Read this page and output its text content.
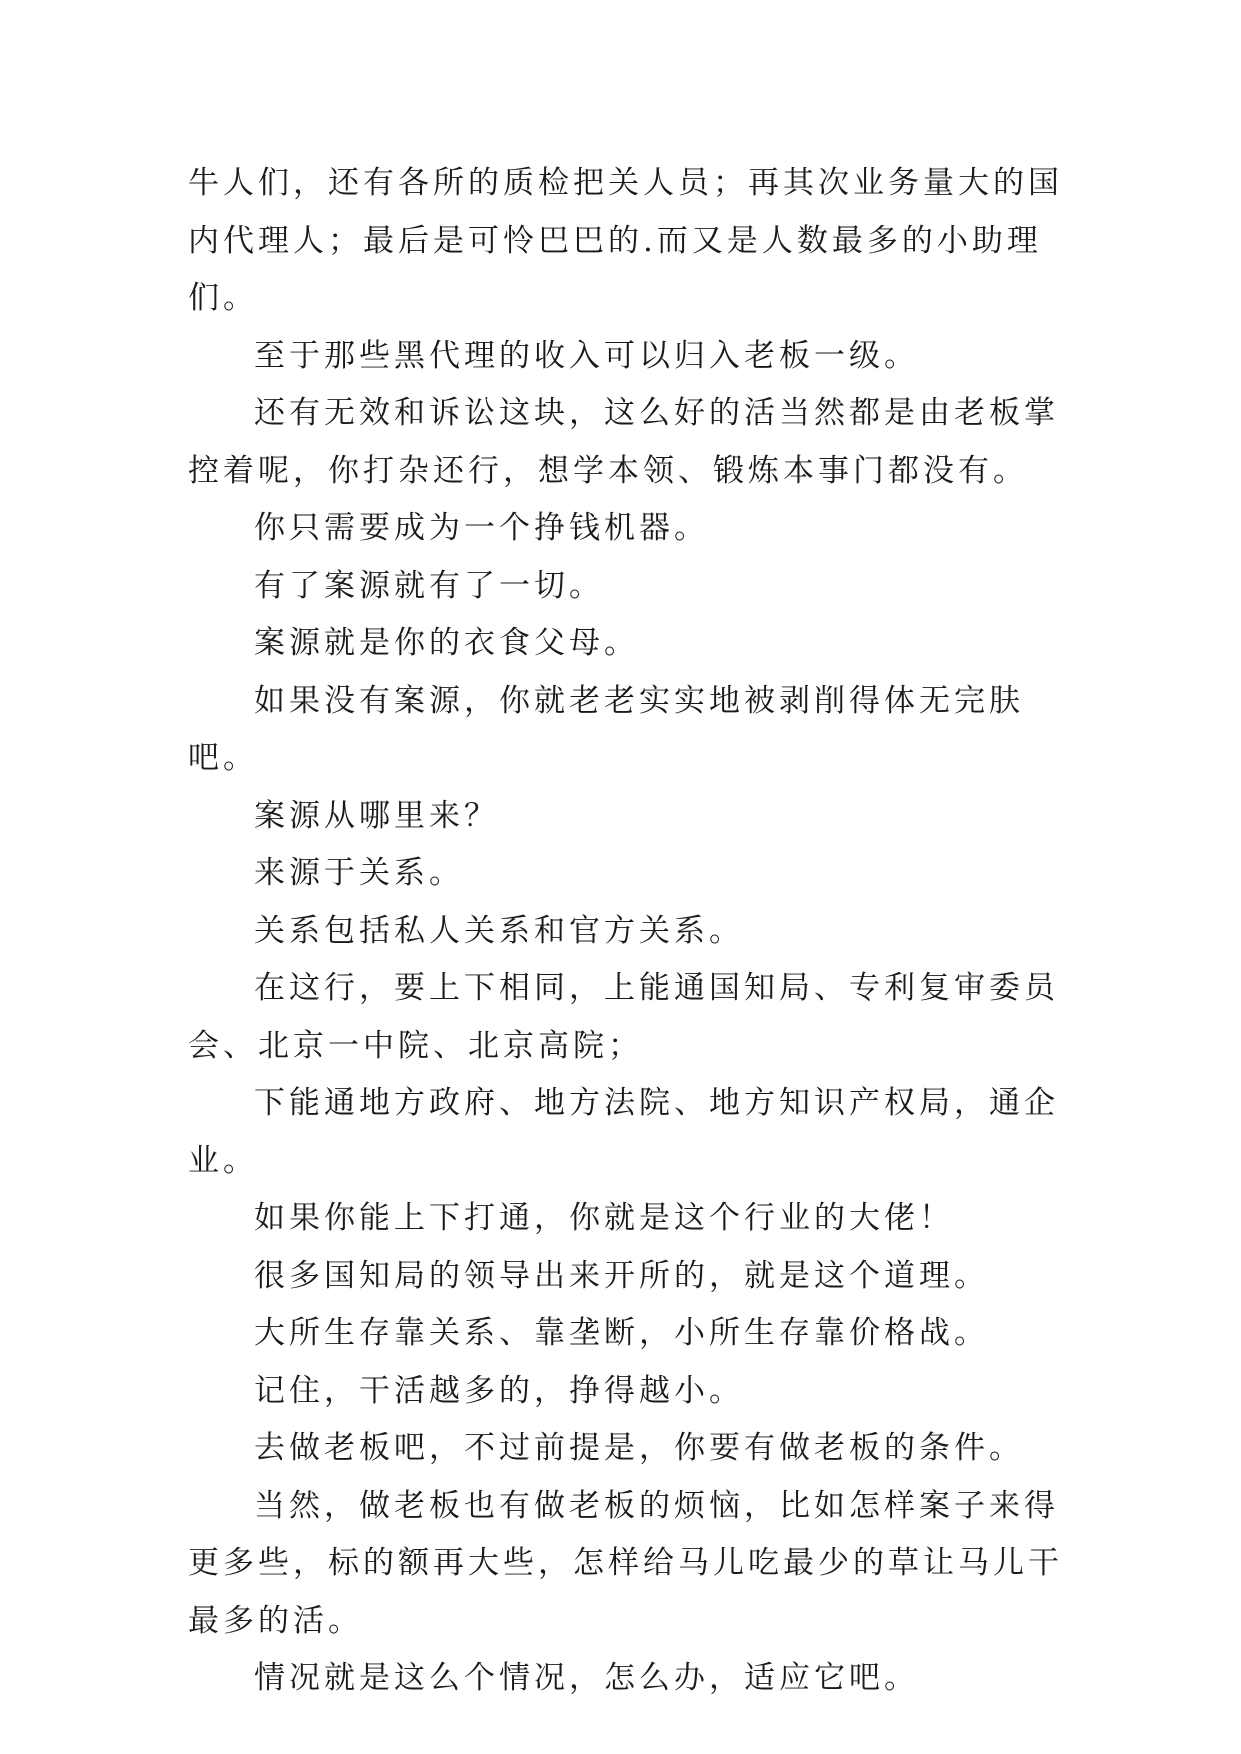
牛人们，还有各所的质检把关人员；再其次业务量大的国内代理人；最后是可怜巴巴的.而又是人数最多的小助理们。

至于那些黑代理的收入可以归入老板一级。

还有无效和诉讼这块，这么好的活当然都是由老板掌控着呢，你打杂还行，想学本领、锻炼本事门都没有。

你只需要成为一个挣钱机器。

有了案源就有了一切。

案源就是你的衣食父母。

如果没有案源，你就老老实实地被剥削得体无完肤吧。

案源从哪里来？

来源于关系。

关系包括私人关系和官方关系。

在这行，要上下相同，上能通国知局、专利复审委员会、北京一中院、北京高院；

下能通地方政府、地方法院、地方知识产权局，通企业。

如果你能上下打通，你就是这个行业的大佬！

很多国知局的领导出来开所的，就是这个道理。

大所生存靠关系、靠垄断，小所生存靠价格战。

记住，干活越多的，挣得越小。

去做老板吧，不过前提是，你要有做老板的条件。

当然，做老板也有做老板的烦恼，比如怎样案子来得更多些，标的额再大些，怎样给马儿吃最少的草让马儿干最多的活。

情况就是这么个情况，怎么办，适应它吧。
